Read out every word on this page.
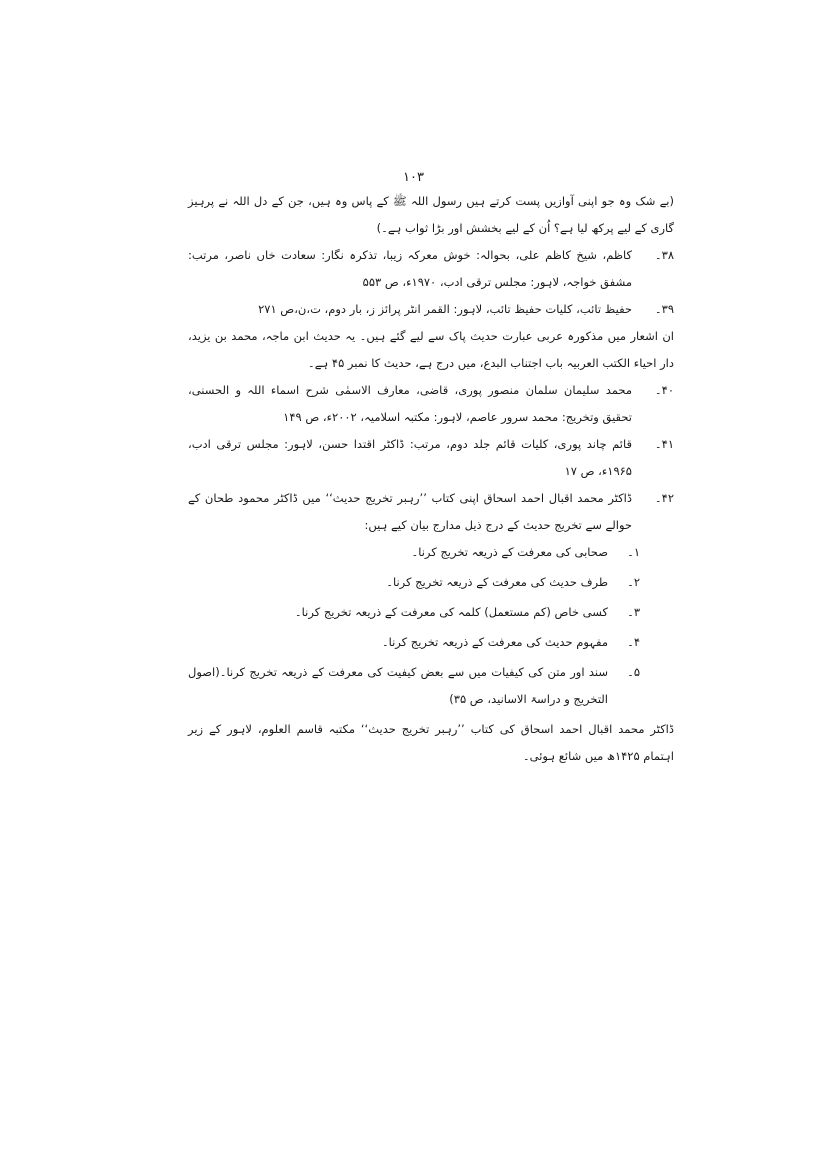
١٠٣

(بے شک وہ جو اپنی آوازیں پست کرتے ہیں رسول اللہ ﷺ کے پاس وہ ہیں، جن کے دل اللہ نے پرہیز گاری کے لیے پرکھ لیا ہے؟ اُن کے لیے بخشش اور بڑا ثواب ہے۔)

۳۸۔
کاظم، شیخ کاظم علی، بحوالہ: خوش معرکہ زیبا، تذکرہ نگار: سعادت خاں ناصر، مرتب: مشفق خواجہ، لاہور: مجلس ترقی ادب، ۱۹۷۰ء، ص ۵۵۳
۳۹۔
حفیظ تائب، کلیات حفیظ تائب، لاہور: القمر انٹر پرائز ز، بار دوم، ت،ن،ص ۲۷۱

ان اشعار میں مذکورہ عربی عبارت حدیث پاک سے لیے گئے ہیں۔ یہ حدیث ابن ماجہ، محمد بن یزید، دار احیاء الکتب العربیہ باب اجتناب البدع، میں درج ہے، حدیث کا نمبر ۴۵ ہے۔

۴۰۔
محمد سلیمان سلمان منصور پوری، قاضی، معارف الاسمٰی شرح اسماء اللہ و الحسنی، تحقیق وتخریج: محمد سرور عاصم، لاہور: مکتبہ اسلامیہ، ۲۰۰۲ء، ص ۱۴۹
۴۱۔
قائم چاند پوری، کلیات قائم جلد دوم، مرتب: ڈاکٹر اقتدا حسن، لاہور: مجلس ترقی ادب، ۱۹۶۵ء، ص ۱۷
۴۲۔
ڈاکٹر محمد اقبال احمد اسحاق اپنی کتاب ’’رہبر تخریج حدیث‘‘ میں ڈاکٹر محمود طحان کے حوالے سے تخریج حدیث کے درج ذیل مدارج بیان کیے ہیں:
۱۔
صحابی کی معرفت کے ذریعہ تخریج کرنا۔
۲۔
طرف حدیث کی معرفت کے ذریعہ تخریج کرنا۔
۳۔
کسی خاص (کم مستعمل) کلمہ کی معرفت کے ذریعہ تخریج کرنا۔
۴۔
مفہوم حدیث کی معرفت کے ذریعہ تخریج کرنا۔
۵۔
سند اور متن کی کیفیات میں سے بعض کیفیت کی معرفت کے ذریعہ تخریج کرنا۔(اصول التخریج و دراسۃ الاسانید، ص ۳۵)

ڈاکٹر محمد اقبال احمد اسحاق کی کتاب ’’رہبر تخریج حدیث‘‘ مکتبہ قاسم العلوم، لاہور کے زیر اہتمام ۱۴۲۵ھ میں شائع ہوئی۔
